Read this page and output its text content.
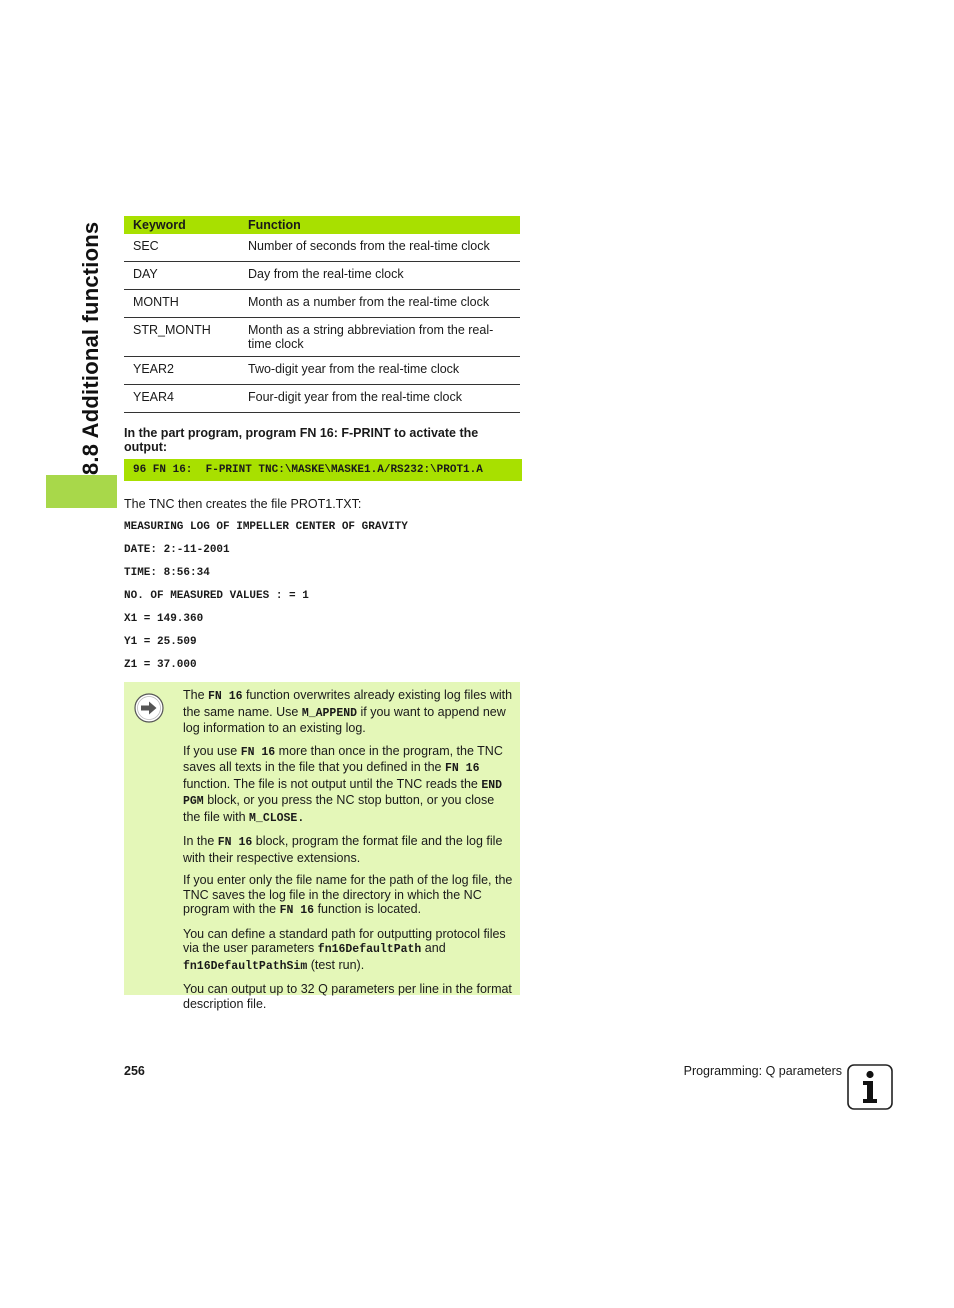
8.8 Additional functions Keyword	Function
SEC	Number of seconds from the real-time clock
DAY	Day from the real-time clock
MONTH	Month as a number from the real-time clock
STR_MONTH	Month as a string abbreviation from the real-time clock
YEAR2	Two-digit year from the real-time clock
YEAR4	Four-digit year from the real-time clock
In the part program, program FN 16: F-PRINT to activate the output:
96 FN 16:  F-PRINT TNC:\MASKE\MASKE1.A/RS232:\PROT1.A
The TNC then creates the file PROT1.TXT:
MEASURING LOG OF IMPELLER CENTER OF GRAVITY
DATE: 2:-11-2001
TIME: 8:56:34
NO. OF MEASURED VALUES : = 1
X1 = 149.360
Y1 = 25.509
Z1 = 37.000

The FN 16 function overwrites already existing log files with the same name. Use M_APPEND if you want to append new log information to an existing log.

If you use FN 16 more than once in the program, the TNC saves all texts in the file that you defined in the FN 16 function. The file is not output until the TNC reads the END PGM block, or you press the NC stop button, or you close the file with M_CLOSE.

In the FN 16 block, program the format file and the log file with their respective extensions.

If you enter only the file name for the path of the log file, the TNC saves the log file in the directory in which the NC program with the FN 16 function is located.

You can define a standard path for outputting protocol files via the user parameters fn16DefaultPath and fn16DefaultPathSim (test run).

You can output up to 32 Q parameters per line in the format description file.

256	Programming: Q parameters
